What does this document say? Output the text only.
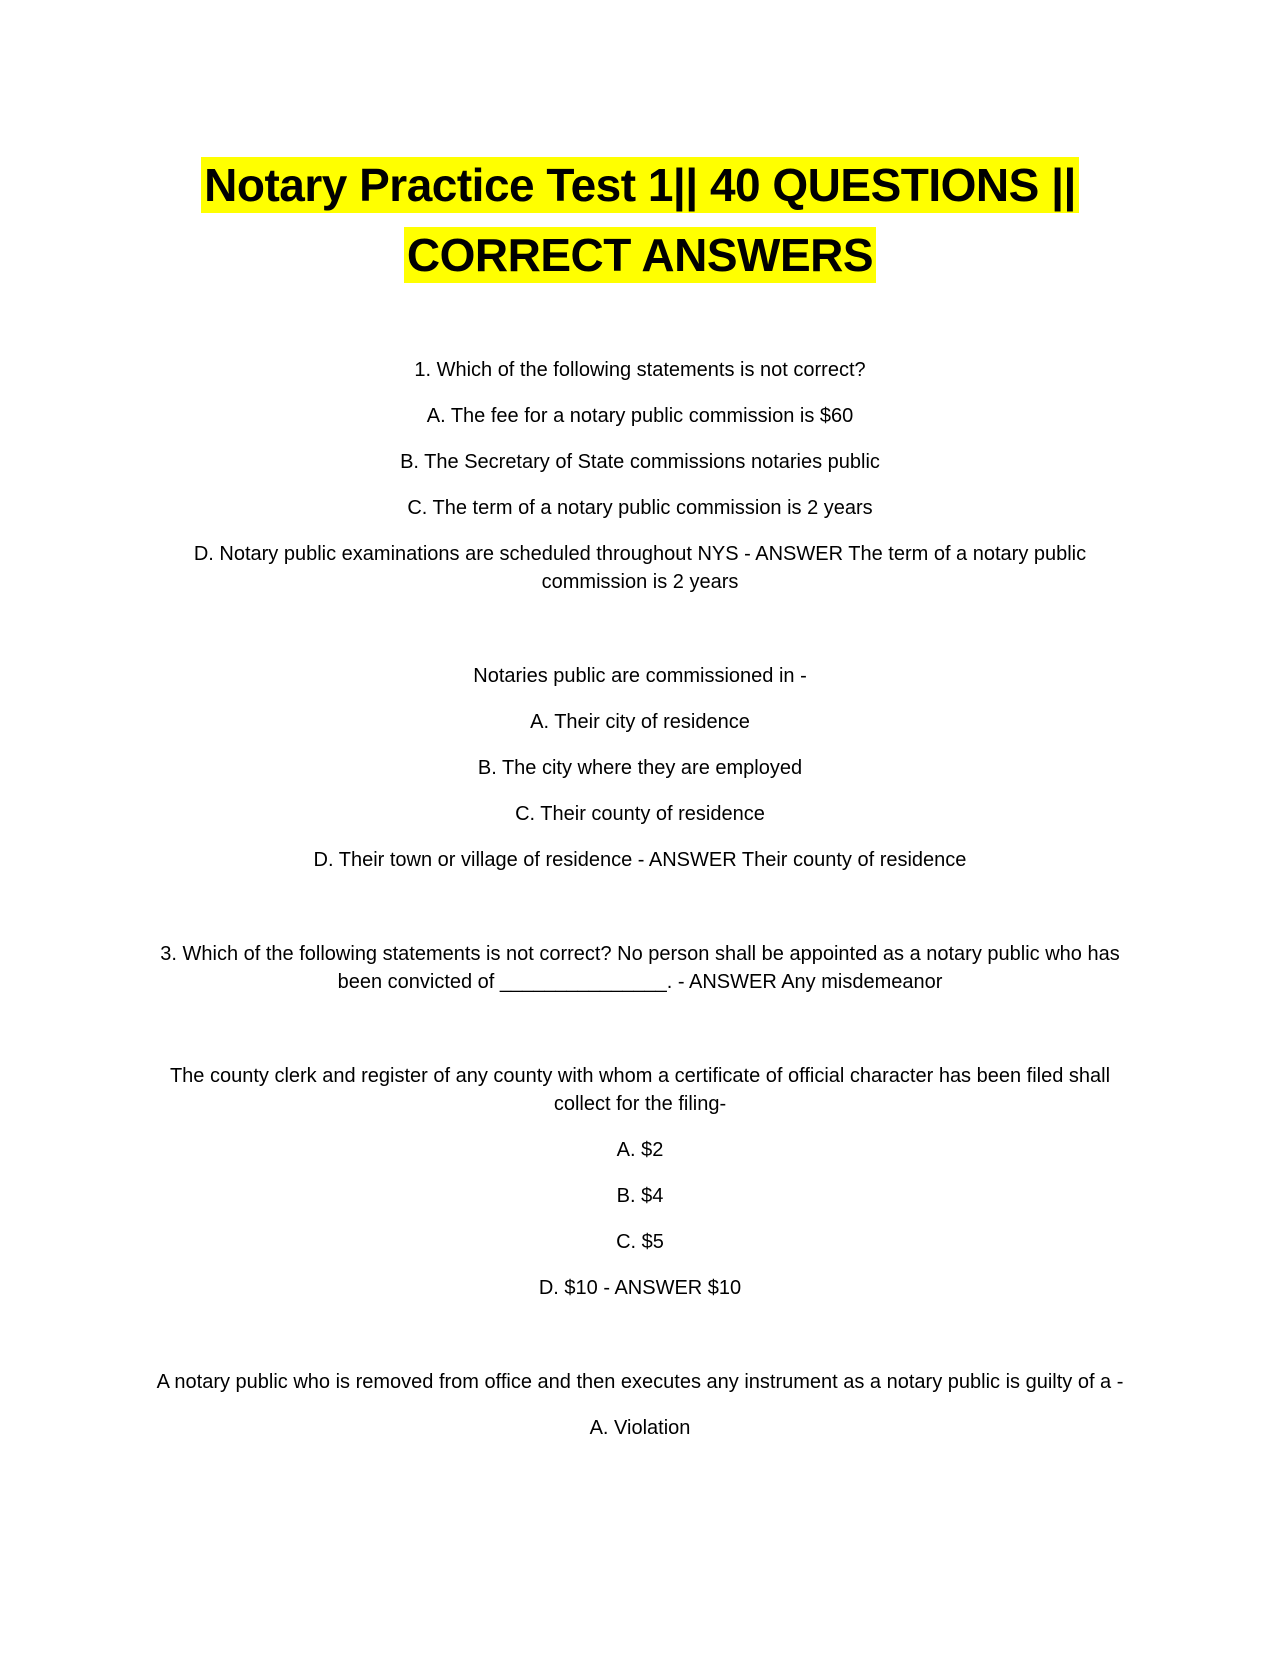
Notary Practice Test 1|| 40 QUESTIONS ||
CORRECT ANSWERS

1. Which of the following statements is not correct?

A. The fee for a notary public commission is $60

B. The Secretary of State commissions notaries public

C. The term of a notary public commission is 2 years

D. Notary public examinations are scheduled throughout NYS - ANSWER The term of a notary public commission is 2 years

Notaries public are commissioned in -

A. Their city of residence

B. The city where they are employed

C. Their county of residence

D. Their town or village of residence - ANSWER Their county of residence

3. Which of the following statements is not correct? No person shall be appointed as a notary public who has been convicted of _______________. - ANSWER Any misdemeanor

The county clerk and register of any county with whom a certificate of official character has been filed shall collect for the filing-

A. $2

B. $4

C. $5

D. $10 - ANSWER $10

A notary public who is removed from office and then executes any instrument as a notary public is guilty of a -

A. Violation
